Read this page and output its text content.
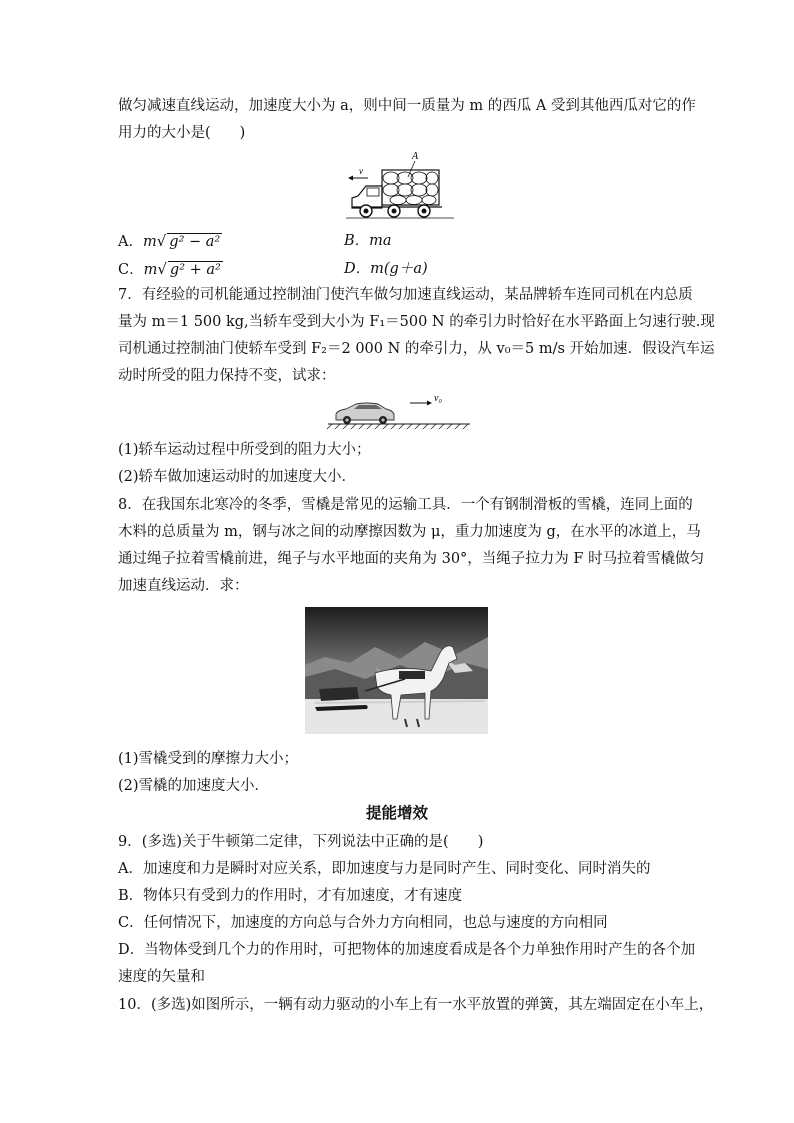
做匀减速直线运动，加速度大小为 a，则中间一质量为 m 的西瓜 A 受到其他西瓜对它的作
用力的大小是(　　)
A
v
A．m√ g² − a²	B．ma
C．m√ g² + a²	D．m(g＋a)
7．有经验的司机能通过控制油门使汽车做匀加速直线运动，某品牌轿车连同司机在内总质
量为 m＝1 500 kg,当轿车受到大小为 F₁＝500 N 的牵引力时恰好在水平路面上匀速行驶.现
司机通过控制油门使轿车受到 F₂＝2 000 N 的牵引力，从 v₀＝5 m/s 开始加速．假设汽车运
动时所受的阻力保持不变，试求：
v₀
(1)轿车运动过程中所受到的阻力大小；
(2)轿车做加速运动时的加速度大小．
8．在我国东北寒冷的冬季，雪橇是常见的运输工具．一个有钢制滑板的雪橇，连同上面的
木料的总质量为 m，钢与冰之间的动摩擦因数为 μ，重力加速度为 g，在水平的冰道上，马
通过绳子拉着雪橇前进，绳子与水平地面的夹角为 30°，当绳子拉力为 F 时马拉着雪橇做匀
加速直线运动．求：
(1)雪橇受到的摩擦力大小；
(2)雪橇的加速度大小．
提能增效
9．(多选)关于牛顿第二定律，下列说法中正确的是(　　)
A．加速度和力是瞬时对应关系，即加速度与力是同时产生、同时变化、同时消失的
B．物体只有受到力的作用时，才有加速度，才有速度
C．任何情况下，加速度的方向总与合外力方向相同，也总与速度的方向相同
D．当物体受到几个力的作用时，可把物体的加速度看成是各个力单独作用时产生的各个加
速度的矢量和
10．(多选)如图所示，一辆有动力驱动的小车上有一水平放置的弹簧，其左端固定在小车上，
